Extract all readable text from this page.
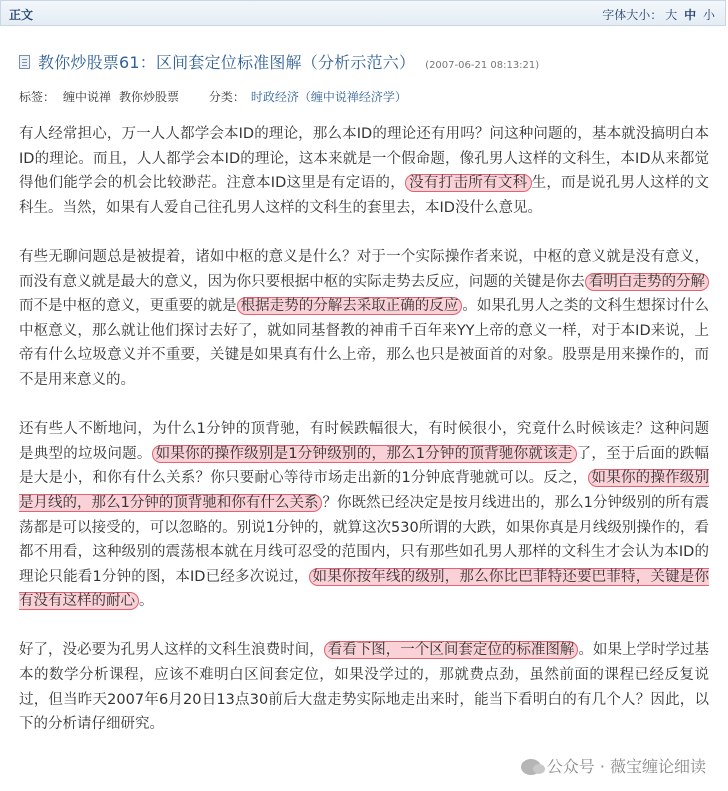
正文	字体大小： 大 中 小
教你炒股票61：区间套定位标准图解（分析示范六） (2007-06-21 08:13:21)
标签： 缠中说禅 教你炒股票 分类： 时政经济（缠中说禅经济学）

有人经常担心，万一人人都学会本ID的理论，那么本ID的理论还有用吗？问这种问题的，基本就没搞明白本ID的理论。而且，人人都学会本ID的理论，这本来就是一个假命题，像孔男人这样的文科生，本ID从来都觉得他们能学会的机会比较渺茫。注意本ID这里是有定语的， 没有打击所有文科 生，而是说孔男人这样的文科生。当然，如果有人爱自己往孔男人这样的文科生的套里去，本ID没什么意见。

有些无聊问题总是被提着，诸如中枢的意义是什么？对于一个实际操作者来说，中枢的意义就是没有意义，而没有意义就是最大的意义，因为你只要根据中枢的实际走势去反应，问题的关键是你去 看明白走势的分解而不是中枢的意义，更重要的就是 根据走势的分解去采取正确的反应 。如果孔男人之类的文科生想探讨什么中枢意义，那么就让他们探讨去好了，就如同基督教的神甫千百年来YY上帝的意义一样，对于本ID来说，上帝有什么垃圾意义并不重要，关键是如果真有什么上帝，那么也只是被面首的对象。股票是用来操作的，而不是用来意义的。

还有些人不断地问，为什么1分钟的顶背驰，有时候跌幅很大，有时候很小，究竟什么时候该走？这种问题是典型的垃圾问题。 如果你的操作级别是1分钟级别的，那么1分钟的顶背驰你就该走 了，至于后面的跌幅是大是小，和你有什么关系？你只要耐心等待市场走出新的1分钟底背驰就可以。反之， 如果你的操作级别是月线的，那么1分钟的顶背驰和你有什么关系 ？你既然已经决定是按月线进出的，那么1分钟级别的所有震荡都是可以接受的，可以忽略的。别说1分钟的，就算这次530所谓的大跌，如果你真是月线级别操作的，看都不用看，这种级别的震荡根本就在月线可忍受的范围内，只有那些如孔男人那样的文科生才会认为本ID的理论只能看1分钟的图，本ID已经多次说过， 如果你按年线的级别，那么你比巴菲特还要巴菲特，关键是你有没有这样的耐心 。

好了，没必要为孔男人这样的文科生浪费时间， 看看下图，一个区间套定位的标准图解 。如果上学时学过基本的数学分析课程，应该不难明白区间套定位，如果没学过的，那就费点劲，虽然前面的课程已经反复说过，但当昨天2007年6月20日13点30前后大盘走势实际地走出来时，能当下看明白的有几个人？因此，以下的分析请仔细研究。

公众号 · 薇宝缠论细读
